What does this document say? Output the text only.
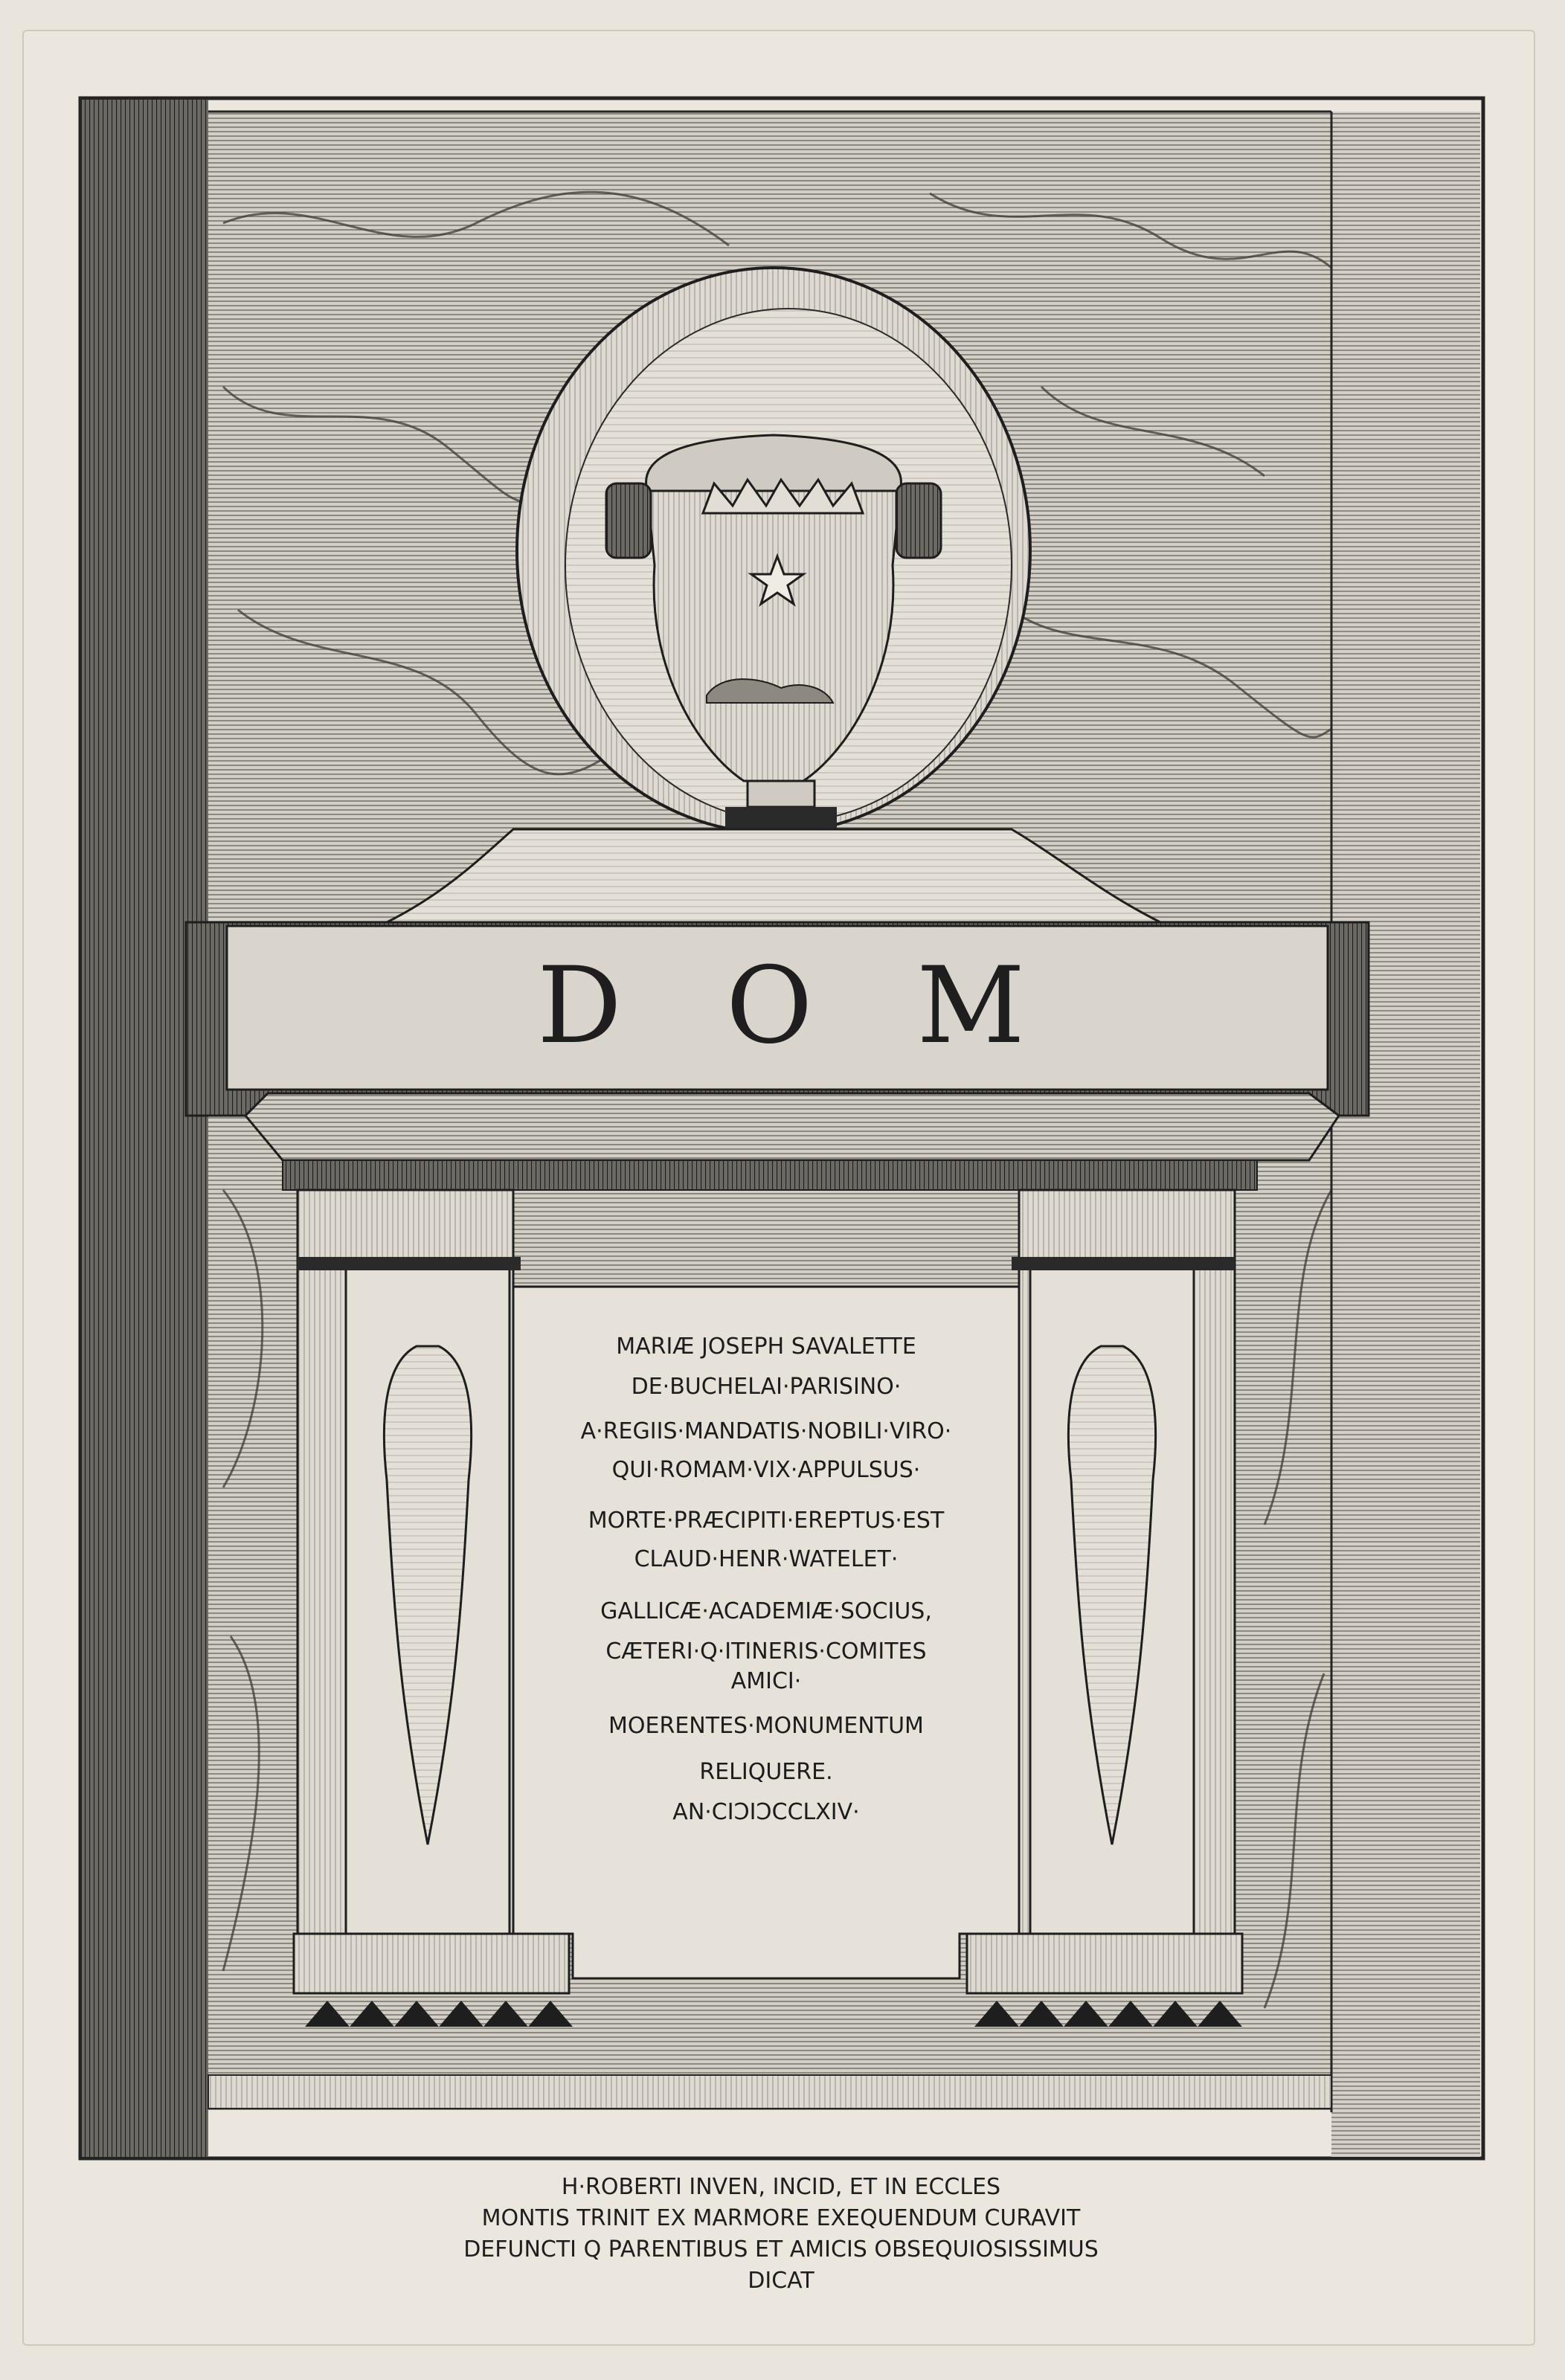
D O M
MARIÆ JOSEPH SAVALETTE
DE·BUCHELAI·PARISINO·
A·REGIIS·MANDATIS·NOBILI·VIRO·
QUI·ROMAM·VIX·APPULSUS·
MORTE·PRÆCIPITI·EREPTUS·EST
CLAUD·HENR·WATELET·
GALLICÆ·ACADEMIÆ·SOCIUS,
CÆTERI·Q·ITINERIS·COMITES
AMICI·
MOERENTES·MONUMENTUM
RELIQUERE.
AN·CIƆIƆCCLXIV·
H·ROBERTI INVEN, INCID, ET IN ECCLES
MONTIS TRINIT EX MARMORE EXEQUENDUM CURAVIT
DEFUNCTI Q PARENTIBUS ET AMICIS OBSEQUIOSISSIMUS
DICAT
